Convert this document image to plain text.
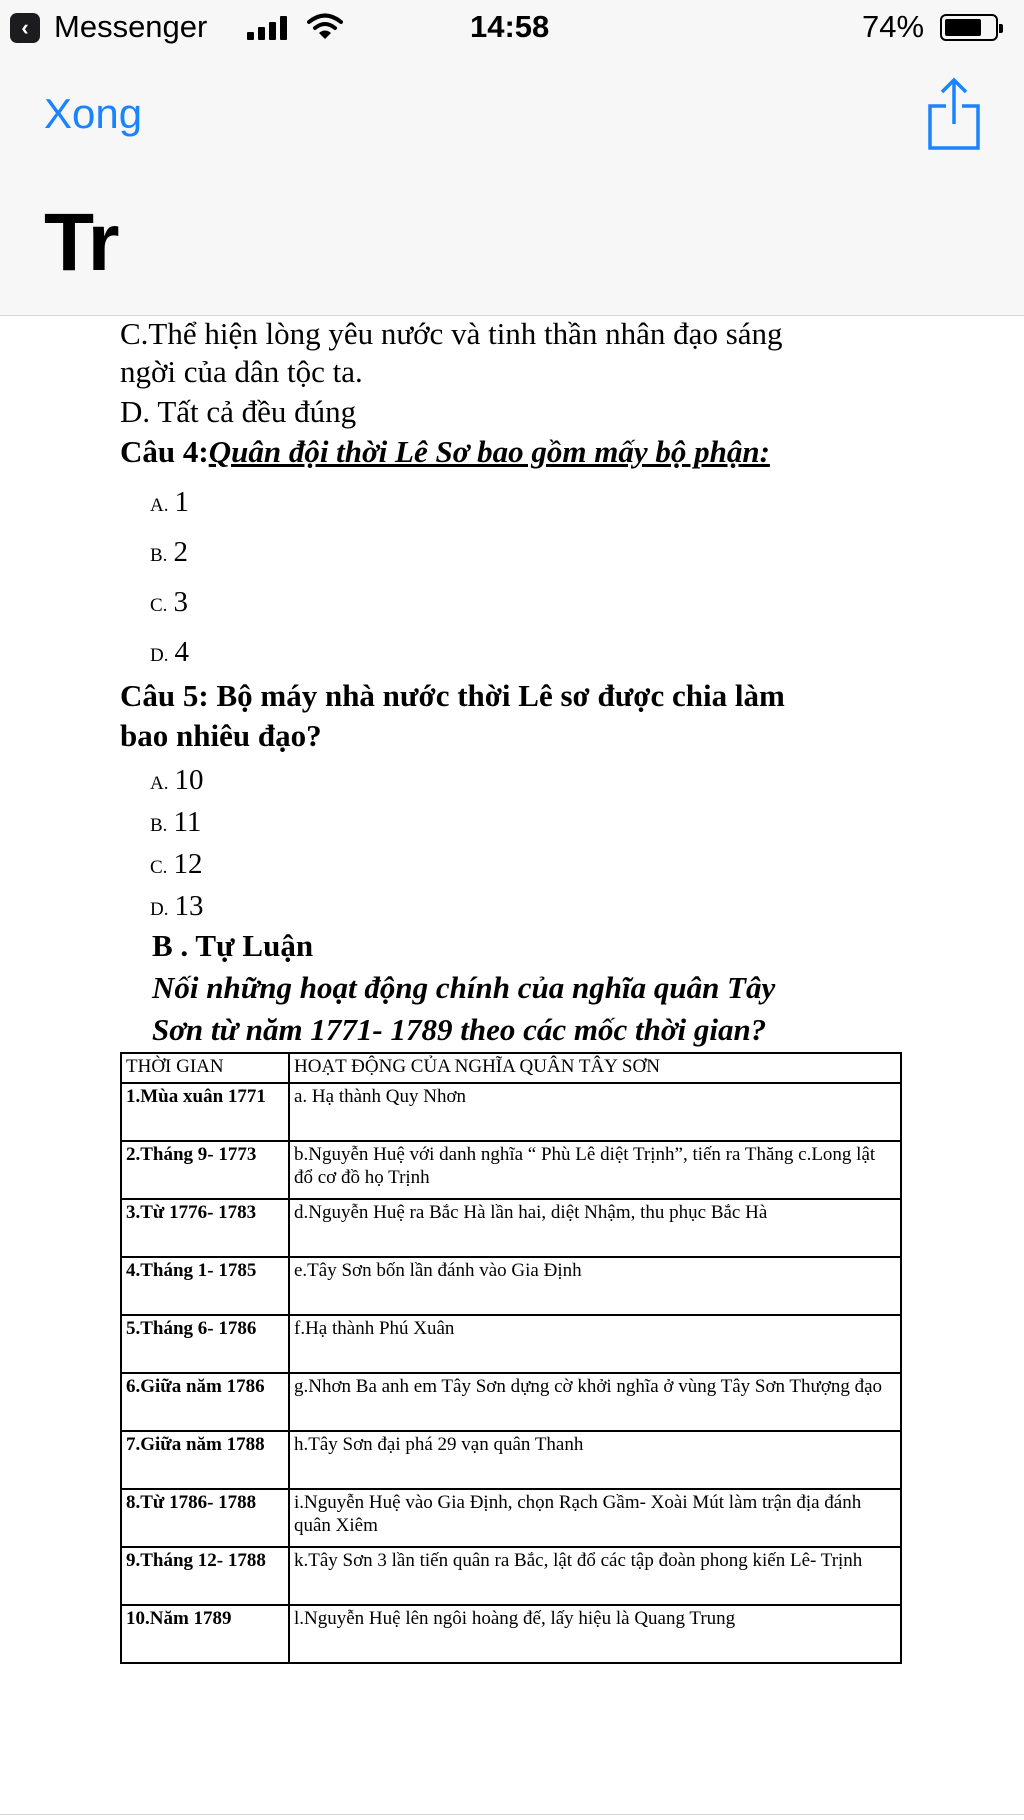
‹ Messenger	14:58	74%
Xong
Tr
C.Thể hiện lòng yêu nước và tinh thần nhân đạo sáng
ngời của dân tộc ta.
D. Tất cả đều đúng
Câu 4:Quân đội thời Lê Sơ bao gồm mấy bộ phận:
A. 1
B. 2
C. 3
D. 4
Câu 5: Bộ máy nhà nước thời Lê sơ được chia làm
bao nhiêu đạo?
A. 10
B. 11
C. 12
D. 13
B . Tự Luận
Nối những hoạt động chính của nghĩa quân Tây
Sơn từ năm 1771- 1789 theo các mốc thời gian?
THỜI GIAN	HOẠT ĐỘNG CỦA NGHĨA QUÂN TÂY SƠN
1.Mùa xuân 1771	a. Hạ thành Quy Nhơn
2.Tháng 9- 1773	b.Nguyễn Huệ với danh nghĩa “ Phù Lê diệt Trịnh”, tiến ra Thăng c.Long lật đổ cơ đồ họ Trịnh
3.Từ 1776- 1783	d.Nguyễn Huệ ra Bắc Hà lần hai, diệt Nhậm, thu phục Bắc Hà
4.Tháng 1- 1785	e.Tây Sơn bốn lần đánh vào Gia Định
5.Tháng 6- 1786	f.Hạ thành Phú Xuân
6.Giữa năm 1786	g.Nhơn Ba anh em Tây Sơn dựng cờ khởi nghĩa ở vùng Tây Sơn Thượng đạo
7.Giữa năm 1788	h.Tây Sơn đại phá 29 vạn quân Thanh
8.Từ 1786- 1788	i.Nguyễn Huệ vào Gia Định, chọn Rạch Gầm- Xoài Mút làm trận địa đánh quân Xiêm
9.Tháng 12- 1788	k.Tây Sơn 3 lần tiến quân ra Bắc, lật đổ các tập đoàn phong kiến Lê- Trịnh
10.Năm 1789	l.Nguyễn Huệ lên ngôi hoàng đế, lấy hiệu là Quang Trung
